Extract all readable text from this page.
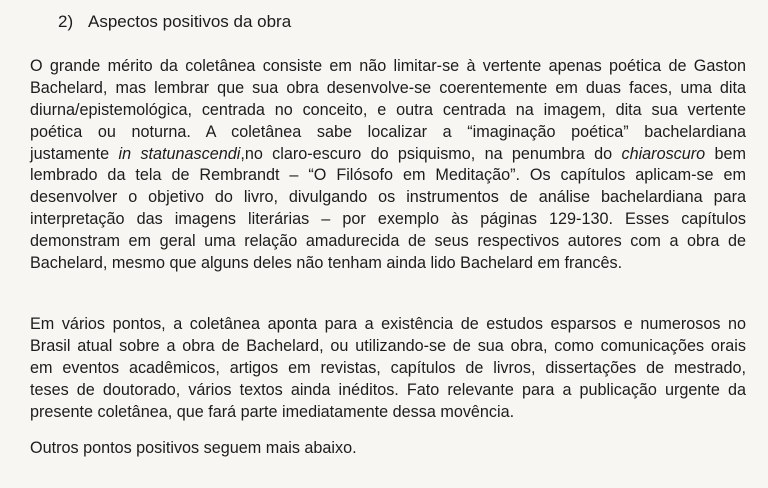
2) Aspectos positivos da obra

O grande mérito da coletânea consiste em não limitar-se à vertente apenas poética de Gaston
Bachelard, mas lembrar que sua obra desenvolve-se coerentemente em duas faces, uma dita
diurna/epistemológica, centrada no conceito, e outra centrada na imagem, dita sua vertente
poética ou noturna. A coletânea sabe localizar a “imaginação poética” bachelardiana
justamente in statunascendi,no claro-escuro do psiquismo, na penumbra do chiaroscuro bem
lembrado da tela de Rembrandt – “O Filósofo em Meditação”. Os capítulos aplicam-se em
desenvolver o objetivo do livro, divulgando os instrumentos de análise bachelardiana para
interpretação das imagens literárias – por exemplo às páginas 129-130. Esses capítulos
demonstram em geral uma relação amadurecida de seus respectivos autores com a obra de
Bachelard, mesmo que alguns deles não tenham ainda lido Bachelard em francês.

Em vários pontos, a coletânea aponta para a existência de estudos esparsos e numerosos no
Brasil atual sobre a obra de Bachelard, ou utilizando-se de sua obra, como comunicações orais
em eventos acadêmicos, artigos em revistas, capítulos de livros, dissertações de mestrado,
teses de doutorado, vários textos ainda inéditos. Fato relevante para a publicação urgente da
presente coletânea, que fará parte imediatamente dessa movência.

Outros pontos positivos seguem mais abaixo.
